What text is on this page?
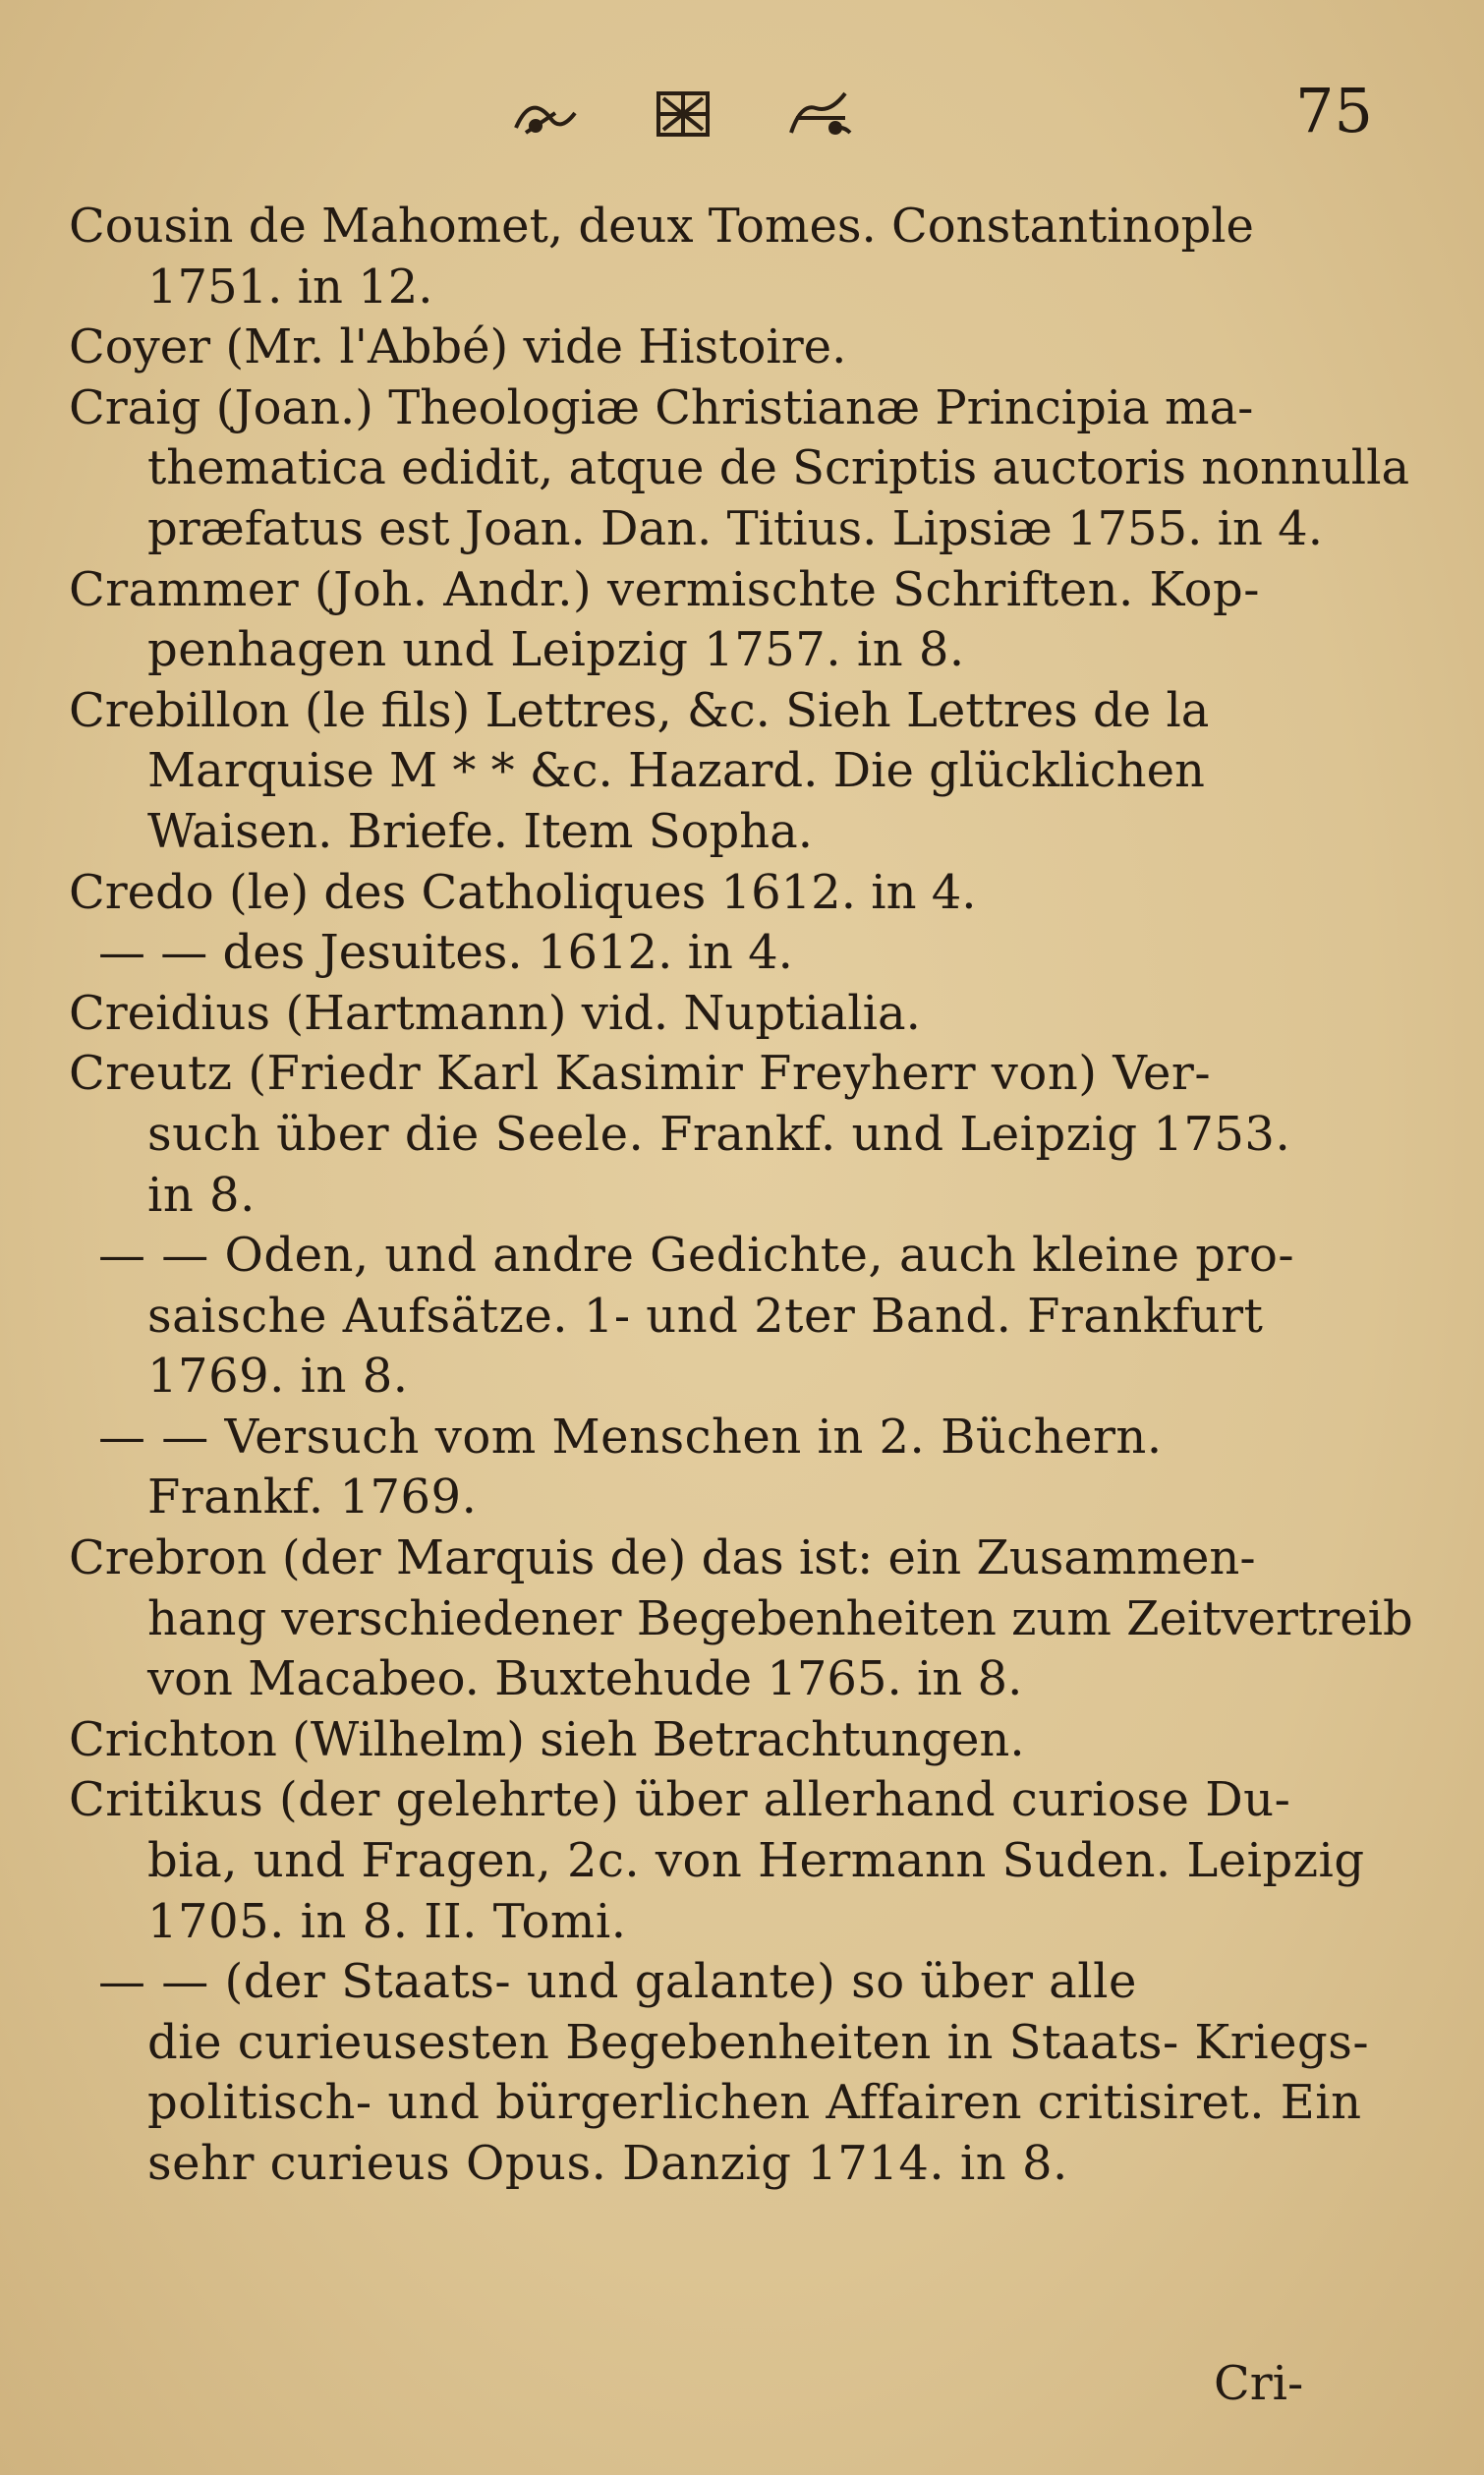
75
Cousin de Mahomet, deux Tomes. Constantinople
1751. in 12.
Coyer (Mr. l'Abbé) vide Histoire.
Craig (Joan.) Theologiæ Christianæ Principia ma-
thematica edidit, atque de Scriptis auctoris nonnulla
præfatus est Joan. Dan. Titius. Lipsiæ 1755. in 4.
Crammer (Joh. Andr.) vermischte Schriften. Kop-
penhagen und Leipzig 1757. in 8.
Crebillon (le fils) Lettres, &c. Sieh Lettres de la
Marquise M * * &c. Hazard. Die glücklichen
Waisen. Briefe. Item Sopha.
Credo (le) des Catholiques 1612. in 4.
— — des Jesuites. 1612. in 4.
Creidius (Hartmann) vid. Nuptialia.
Creutz (Friedr Karl Kasimir Freyherr von) Ver-
such über die Seele. Frankf. und Leipzig 1753.
in 8.
— — Oden, und andre Gedichte, auch kleine pro-
saische Aufsätze. 1- und 2ter Band. Frankfurt
1769. in 8.
— — Versuch vom Menschen in 2. Büchern.
Frankf. 1769.
Crebron (der Marquis de) das ist: ein Zusammen-
hang verschiedener Begebenheiten zum Zeitvertreib
von Macabeo. Buxtehude 1765. in 8.
Crichton (Wilhelm) sieh Betrachtungen.
Critikus (der gelehrte) über allerhand curiose Du-
bia, und Fragen, 2c. von Hermann Suden. Leipzig
1705. in 8. II. Tomi.
— — (der Staats- und galante) so über alle
die curieusesten Begebenheiten in Staats- Kriegs-
politisch- und bürgerlichen Affairen critisiret. Ein
sehr curieus Opus. Danzig 1714. in 8.
Cri-
